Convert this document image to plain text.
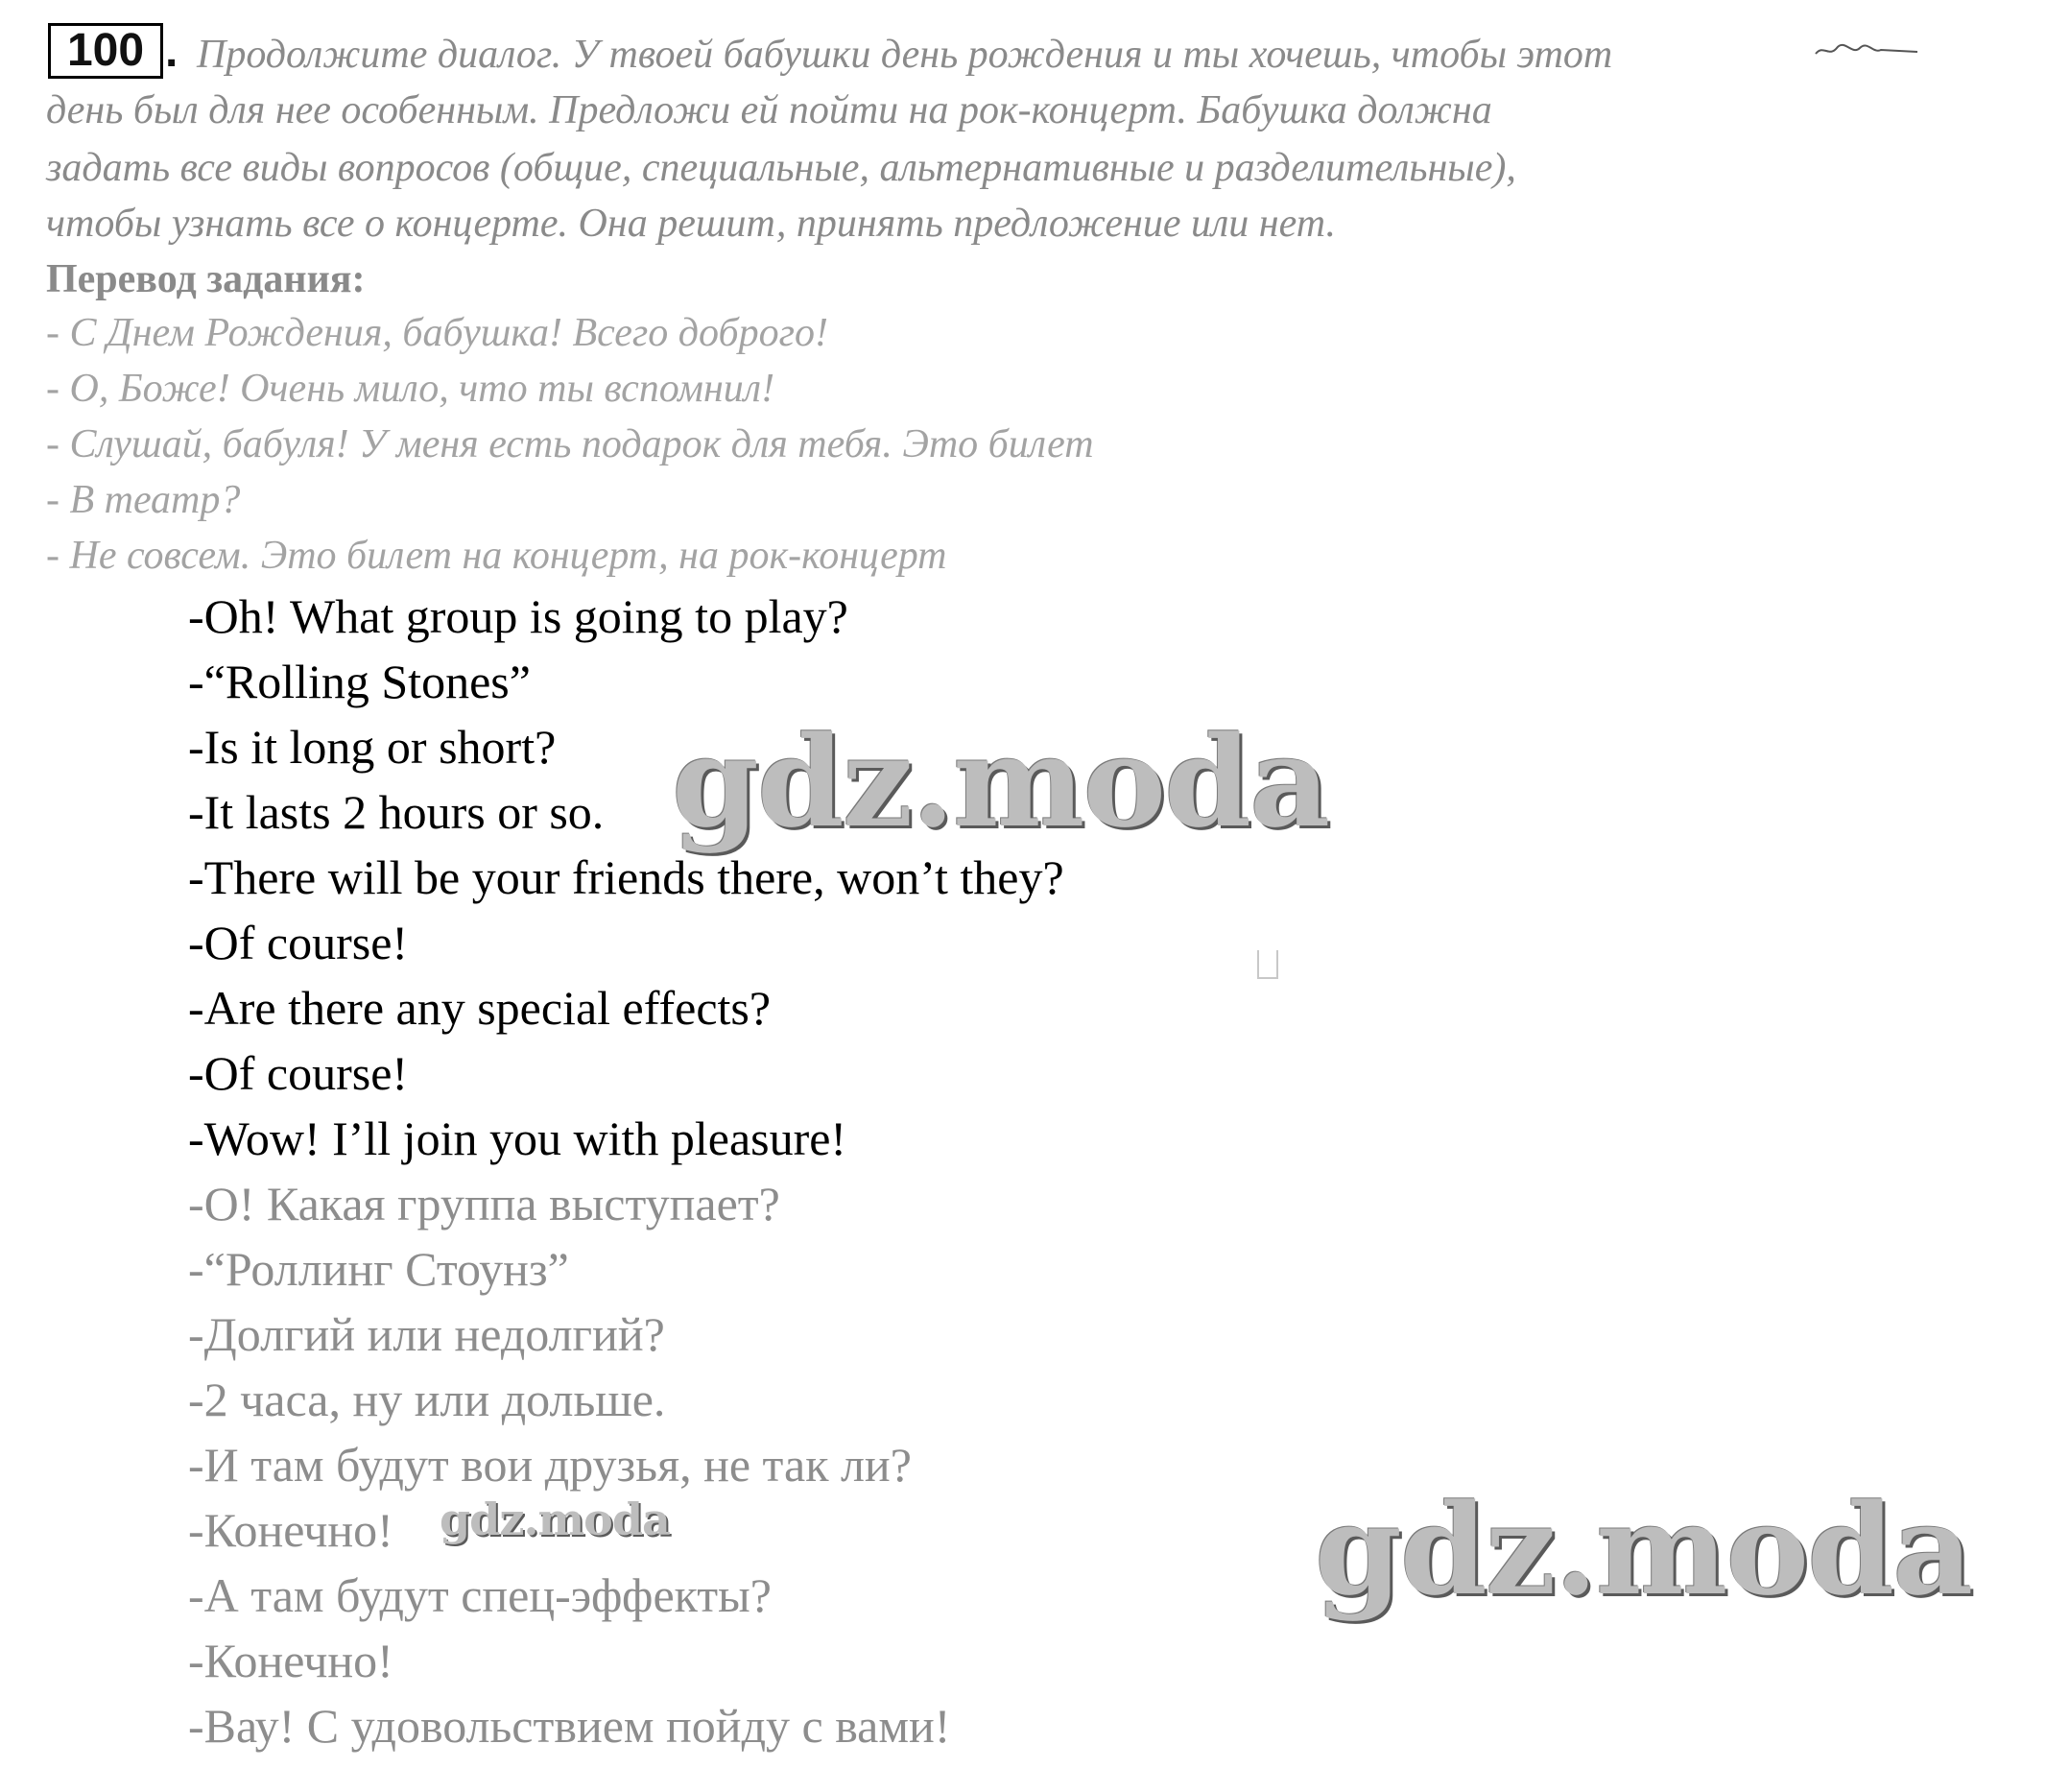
100 . Продолжите диалог. У твоей бабушки день рождения и ты хочешь, чтобы этот
день был для нее особенным. Предложи ей пойти на рок-концерт. Бабушка должна
задать все виды вопросов (общие, специальные, альтернативные и разделительные),
чтобы узнать все о концерте. Она решит, принять предложение или нет.
Перевод задания:
- С Днем Рождения, бабушка! Всего доброго!
- О, Боже! Очень мило, что ты вспомнил!
- Слушай, бабуля! У меня есть подарок для тебя. Это билет
- В театр?
- Не совсем. Это билет на концерт, на рок-концерт
-Oh! What group is going to play?
-“Rolling Stones”
-Is it long or short?
-It lasts 2 hours or so.
-There will be your friends there, won’t they?
-Of course!
-Are there any special effects?
-Of course!
-Wow! I’ll join you with pleasure!
-О! Какая группа выступает?
-“Роллинг Стоунз”
-Долгий или недолгий?
-2 часа, ну или дольше.
-И там будут вои друзья, не так ли?
-Конечно!
-А там будут спец-эффекты?
-Конечно!
-Вау! С удовольствием пойду с вами!
gdz.moda
gdz.moda
gdz.moda
